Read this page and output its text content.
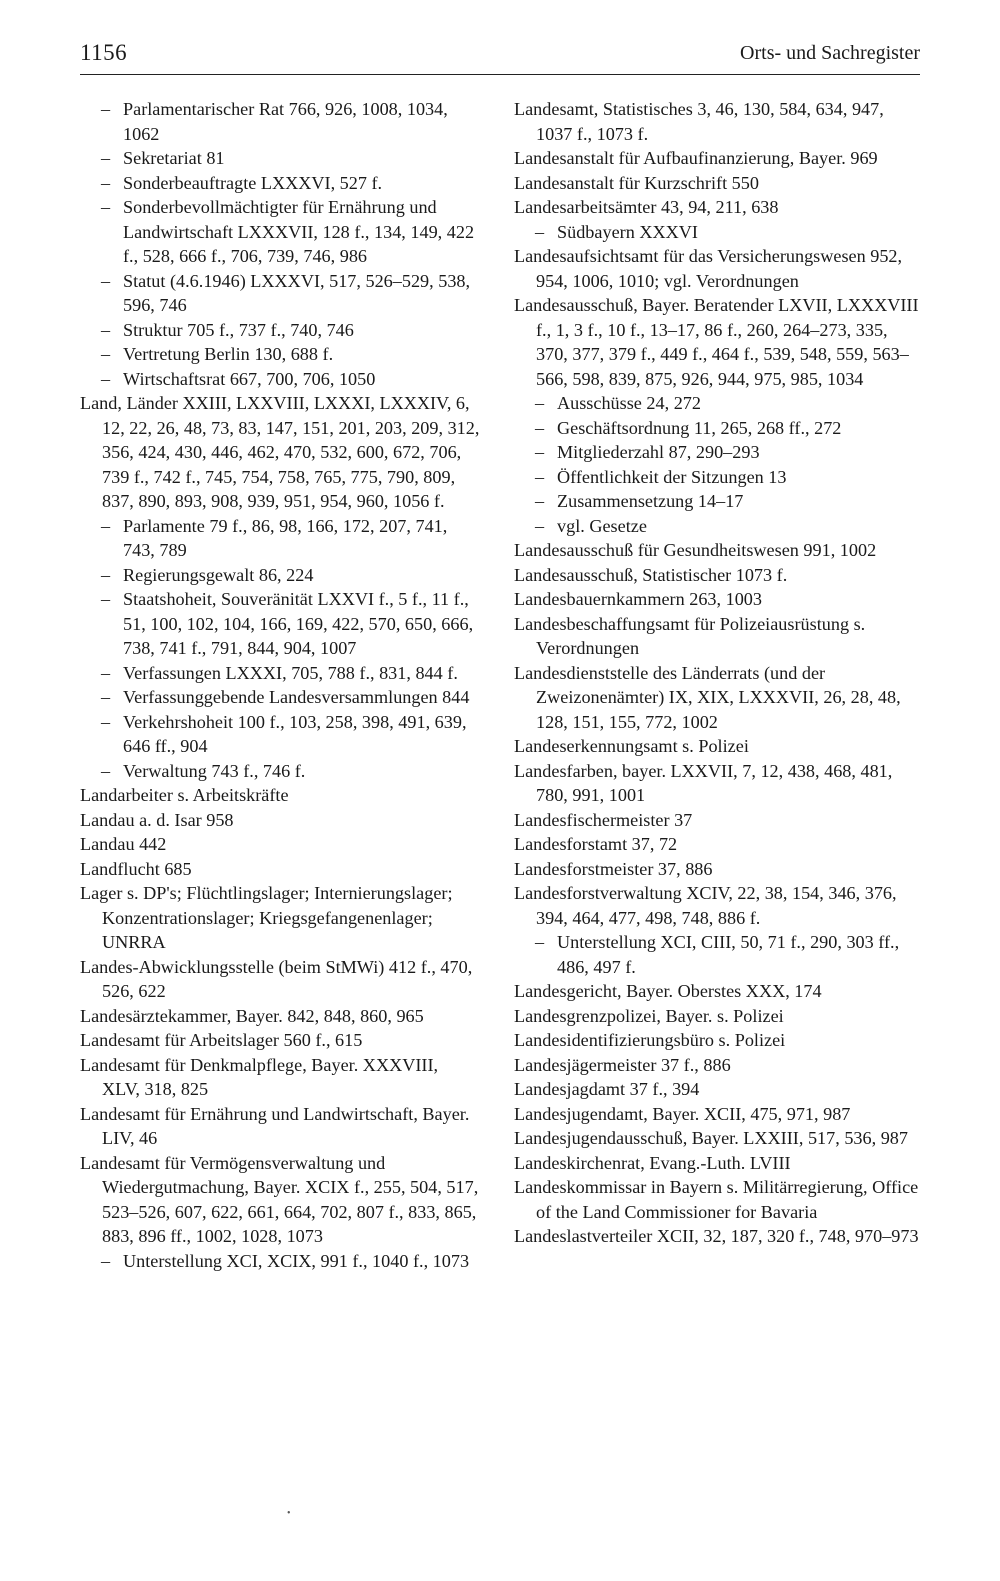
1156	Orts- und Sachregister

– Parlamentarischer Rat 766, 926, 1008, 1034, 1062

– Sekretariat 81

– Sonderbeauftragte LXXXVI, 527 f.

– Sonderbevollmächtigter für Ernährung und Landwirtschaft LXXXVII, 128 f., 134, 149, 422 f., 528, 666 f., 706, 739, 746, 986

– Statut (4.6.1946) LXXXVI, 517, 526–529, 538, 596, 746

– Struktur 705 f., 737 f., 740, 746

– Vertretung Berlin 130, 688 f.

– Wirtschaftsrat 667, 700, 706, 1050

Land, Länder XXIII, LXXVIII, LXXXI, LXXXIV, 6, 12, 22, 26, 48, 73, 83, 147, 151, 201, 203, 209, 312, 356, 424, 430, 446, 462, 470, 532, 600, 672, 706, 739 f., 742 f., 745, 754, 758, 765, 775, 790, 809, 837, 890, 893, 908, 939, 951, 954, 960, 1056 f.

– Parlamente 79 f., 86, 98, 166, 172, 207, 741, 743, 789

– Regierungsgewalt 86, 224

– Staatshoheit, Souveränität LXXVI f., 5 f., 11 f., 51, 100, 102, 104, 166, 169, 422, 570, 650, 666, 738, 741 f., 791, 844, 904, 1007

– Verfassungen LXXXI, 705, 788 f., 831, 844 f.

– Verfassunggebende Landesversammlungen 844

– Verkehrshoheit 100 f., 103, 258, 398, 491, 639, 646 ff., 904

– Verwaltung 743 f., 746 f.

Landarbeiter s. Arbeitskräfte

Landau a. d. Isar 958

Landau 442

Landflucht 685

Lager s. DP's; Flüchtlingslager; Internierungslager; Konzentrationslager; Kriegsgefangenenlager; UNRRA

Landes-Abwicklungsstelle (beim StMWi) 412 f., 470, 526, 622

Landesärztekammer, Bayer. 842, 848, 860, 965

Landesamt für Arbeitslager 560 f., 615

Landesamt für Denkmalpflege, Bayer. XXXVIII, XLV, 318, 825

Landesamt für Ernährung und Landwirtschaft, Bayer. LIV, 46

Landesamt für Vermögensverwaltung und Wiedergutmachung, Bayer. XCIX f., 255, 504, 517, 523–526, 607, 622, 661, 664, 702, 807 f., 833, 865, 883, 896 ff., 1002, 1028, 1073

– Unterstellung XCI, XCIX, 991 f., 1040 f., 1073

Landesamt, Statistisches 3, 46, 130, 584, 634, 947, 1037 f., 1073 f.

Landesanstalt für Aufbaufinanzierung, Bayer. 969

Landesanstalt für Kurzschrift 550

Landesarbeitsämter 43, 94, 211, 638

– Südbayern XXXVI

Landesaufsichtsamt für das Versicherungswesen 952, 954, 1006, 1010; vgl. Verordnungen

Landesausschuß, Bayer. Beratender LXVII, LXXXVIII f., 1, 3 f., 10 f., 13–17, 86 f., 260, 264–273, 335, 370, 377, 379 f., 449 f., 464 f., 539, 548, 559, 563–566, 598, 839, 875, 926, 944, 975, 985, 1034

– Ausschüsse 24, 272

– Geschäftsordnung 11, 265, 268 ff., 272

– Mitgliederzahl 87, 290–293

– Öffentlichkeit der Sitzungen 13

– Zusammensetzung 14–17

– vgl. Gesetze

Landesausschuß für Gesundheitswesen 991, 1002

Landesausschuß, Statistischer 1073 f.

Landesbauernkammern 263, 1003

Landesbeschaffungsamt für Polizeiausrüstung s. Verordnungen

Landesdienststelle des Länderrats (und der Zweizonenämter) IX, XIX, LXXXVII, 26, 28, 48, 128, 151, 155, 772, 1002

Landeserkennungsamt s. Polizei

Landesfarben, bayer. LXXVII, 7, 12, 438, 468, 481, 780, 991, 1001

Landesfischermeister 37

Landesforstamt 37, 72

Landesforstmeister 37, 886

Landesforstverwaltung XCIV, 22, 38, 154, 346, 376, 394, 464, 477, 498, 748, 886 f.

– Unterstellung XCI, CIII, 50, 71 f., 290, 303 ff., 486, 497 f.

Landesgericht, Bayer. Oberstes XXX, 174

Landesgrenzpolizei, Bayer. s. Polizei

Landesidentifizierungsbüro s. Polizei

Landesjägermeister 37 f., 886

Landesjagdamt 37 f., 394

Landesjugendamt, Bayer. XCII, 475, 971, 987

Landesjugendausschuß, Bayer. LXXIII, 517, 536, 987

Landeskirchenrat, Evang.-Luth. LVIII

Landeskommissar in Bayern s. Militärregierung, Office of the Land Commissioner for Bavaria

Landeslastverteiler XCII, 32, 187, 320 f., 748, 970–973

•
